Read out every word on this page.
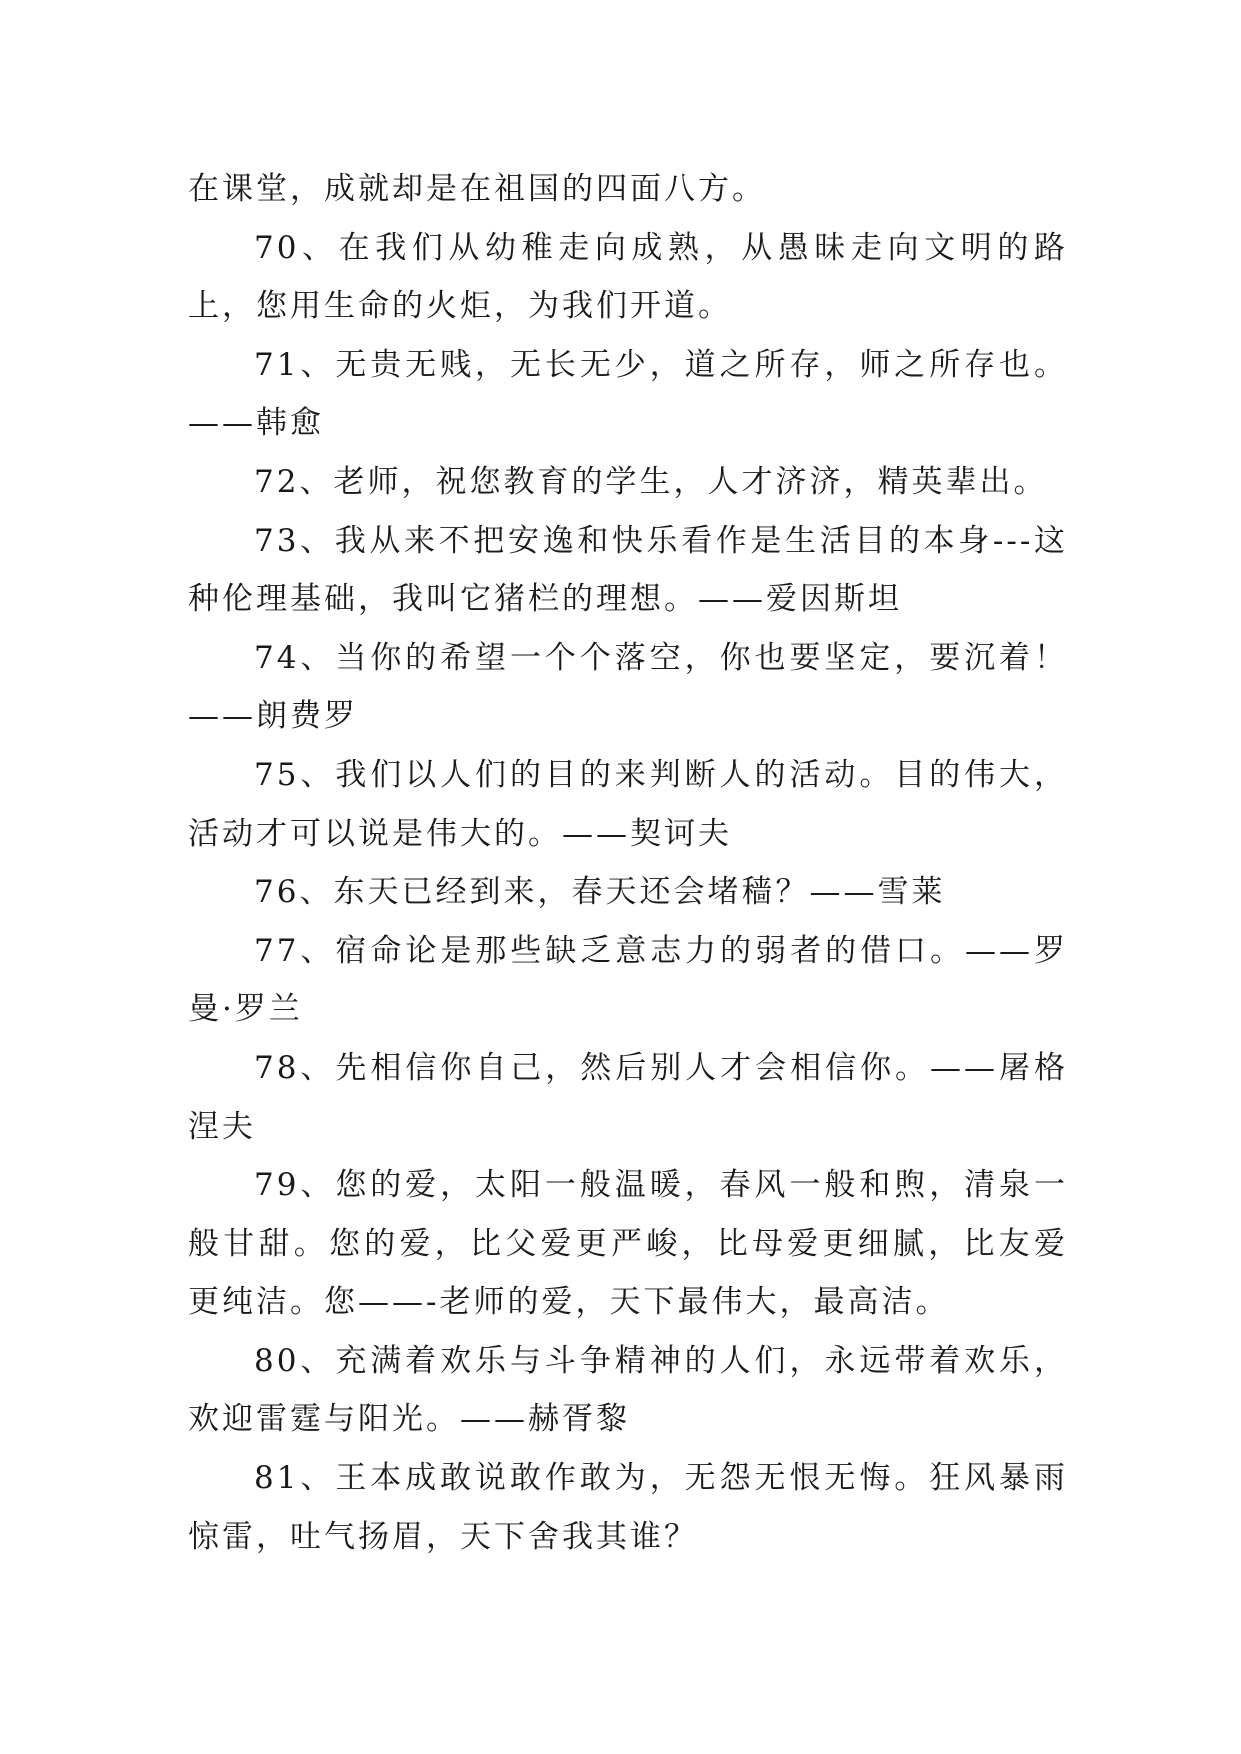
在课堂，成就却是在祖国的四面八方。

70、在我们从幼稚走向成熟，从愚昧走向文明的路上，您用生命的火炬，为我们开道。

71、无贵无贱，无长无少，道之所存，师之所存也。——韩愈

72、老师，祝您教育的学生，人才济济，精英辈出。

73、我从来不把安逸和快乐看作是生活目的本身---这种伦理基础，我叫它猪栏的理想。——爱因斯坦

74、当你的希望一个个落空，你也要坚定，要沉着！——朗费罗

75、我们以人们的目的来判断人的活动。目的伟大，活动才可以说是伟大的。——契诃夫

76、东天已经到来，春天还会堵穑？——雪莱

77、宿命论是那些缺乏意志力的弱者的借口。——罗曼·罗兰

78、先相信你自己，然后别人才会相信你。——屠格涅夫

79、您的爱，太阳一般温暖，春风一般和煦，清泉一般甘甜。您的爱，比父爱更严峻，比母爱更细腻，比友爱更纯洁。您——-老师的爱，天下最伟大，最高洁。

80、充满着欢乐与斗争精神的人们，永远带着欢乐，欢迎雷霆与阳光。——赫胥黎

81、王本成敢说敢作敢为，无怨无恨无悔。狂风暴雨惊雷，吐气扬眉，天下舍我其谁？
